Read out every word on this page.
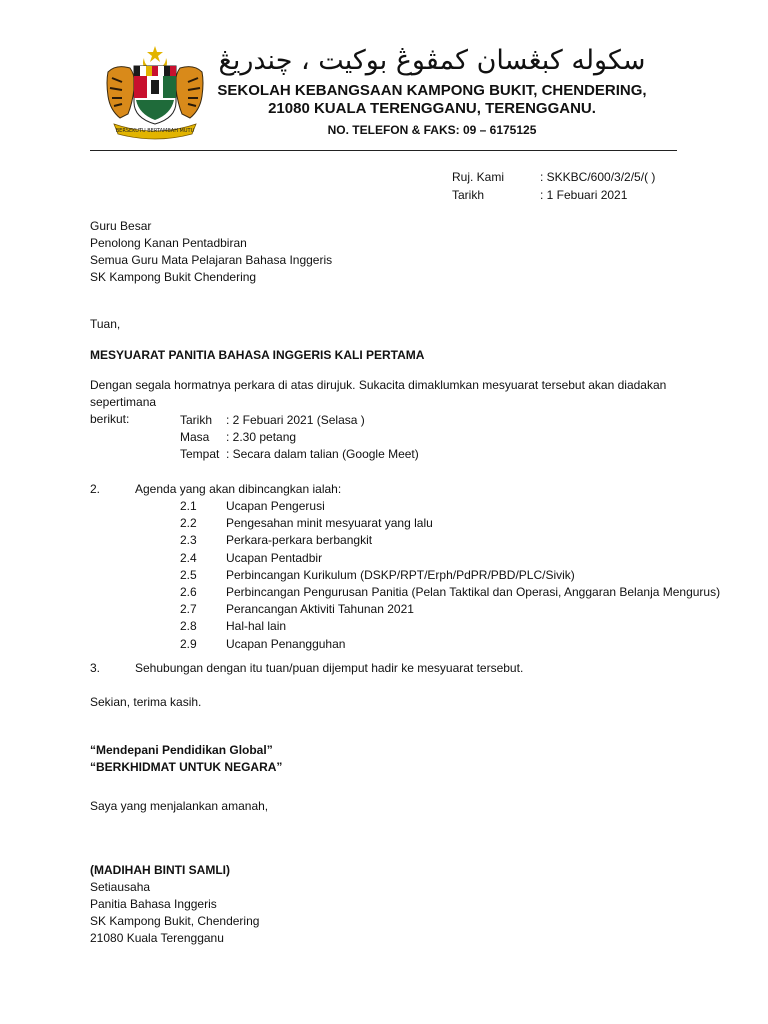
BERSEKUTU BERTAMBAH MUTU
سکوله کبڠسان کمڤوڠ بوکيت ، چندريڠ
SEKOLAH KEBANGSAAN KAMPONG BUKIT, CHENDERING,
21080 KUALA TERENGGANU, TERENGGANU.
NO. TELEFON & FAKS: 09 – 6175125
Ruj. Kami	: SKKBC/600/3/2/5/( )
Tarikh	: 1 Febuari 2021
Guru Besar
Penolong Kanan Pentadbiran
Semua Guru Mata Pelajaran Bahasa Inggeris
SK Kampong Bukit Chendering
Tuan,
MESYUARAT PANITIA BAHASA INGGERIS KALI PERTAMA
Dengan segala hormatnya perkara di atas dirujuk. Sukacita dimaklumkan mesyuarat tersebut akan diadakan sepertimana
berikut:	Tarikh	: 2 Febuari 2021 (Selasa )
Masa	: 2.30 petang
Tempat : Secara dalam talian (Google Meet)
2.	Agenda yang akan dibincangkan ialah:
2.1	Ucapan Pengerusi
2.2	Pengesahan minit mesyuarat yang lalu
2.3	Perkara-perkara berbangkit
2.4	Ucapan Pentadbir
2.5	Perbincangan Kurikulum (DSKP/RPT/Erph/PdPR/PBD/PLC/Sivik)
2.6	Perbincangan Pengurusan Panitia (Pelan Taktikal dan Operasi, Anggaran Belanja Mengurus)
2.7	Perancangan Aktiviti Tahunan 2021
2.8	Hal-hal lain
2.9	Ucapan Penangguhan
3.	Sehubungan dengan itu tuan/puan dijemput hadir ke mesyuarat tersebut.
Sekian, terima kasih.
“Mendepani Pendidikan Global”
“BERKHIDMAT UNTUK NEGARA”
Saya yang menjalankan amanah,
(MADIHAH BINTI SAMLI)
Setiausaha
Panitia Bahasa Inggeris
SK Kampong Bukit, Chendering
21080 Kuala Terengganu
